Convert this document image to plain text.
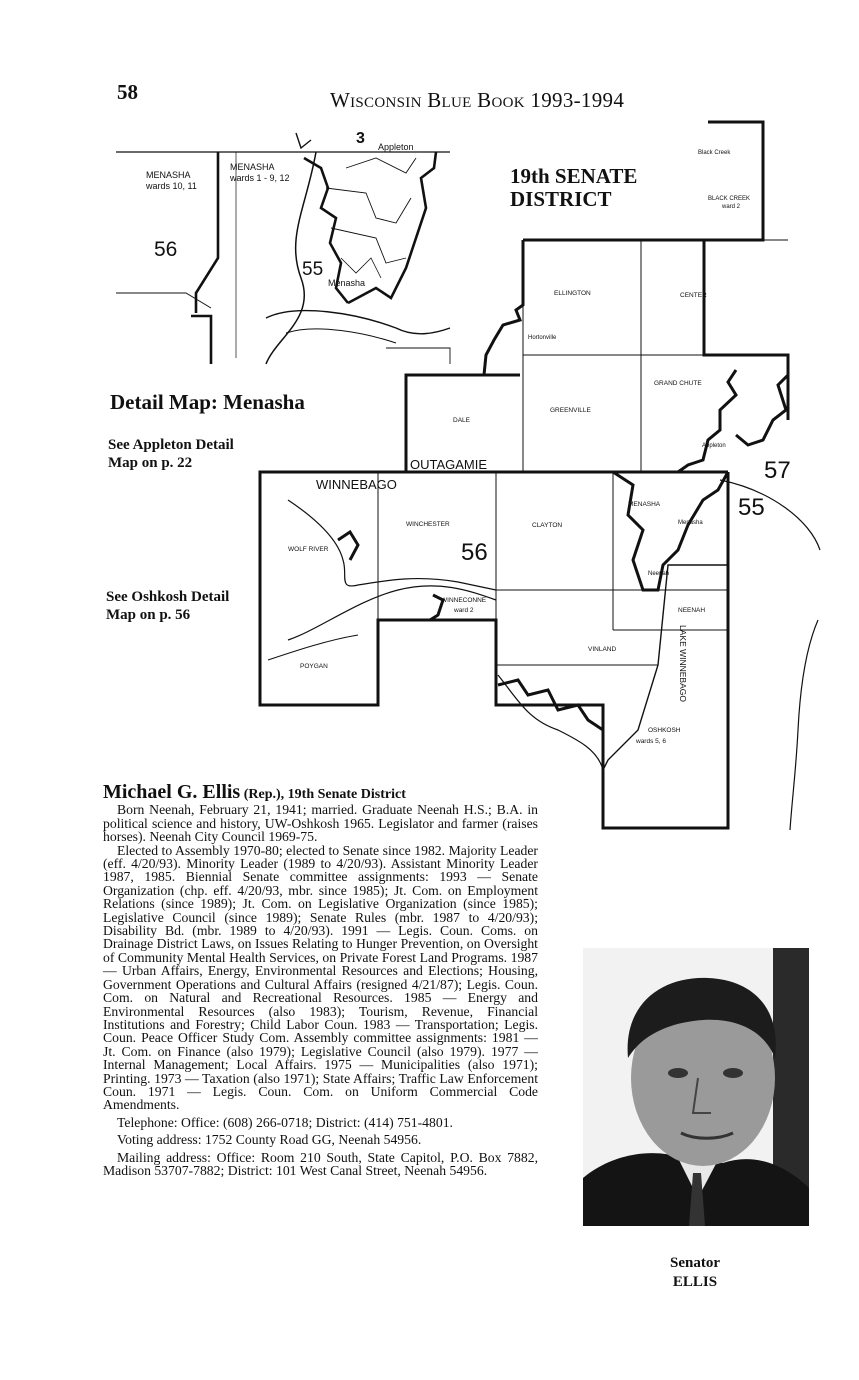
58	Wisconsin Blue Book 1993-1994
3 Appleton
MENASHA
wards 10, 11
MENASHA
wards 1 - 9, 12
56
55
Menasha
Black Creek
BLACK CREEK
ward 2
ELLINGTON	CENTER
Hortonville
GRAND CHUTE
DALE
GREENVILLE
Appleton
OUTAGAMIE
WINNEBAGO
57
55
56
WINCHESTER	CLAYTON
MENASHA
Menasha
WOLF RIVER
Neenah
NEENAH
WINNECONNE
ward 2
POYGAN
VINLAND	LAKE WINNEBAGO
OSHKOSH
wards 5, 6
19th SENATE
DISTRICT
Detail Map: Menasha
See Appleton Detail
Map on p. 22
See Oshkosh Detail
Map on p. 56
Michael G. Ellis (Rep.), 19th Senate District

Born Neenah, February 21, 1941; married. Graduate Neenah H.S.; B.A. in political science and history, UW-Oshkosh 1965. Legislator and farmer (raises horses). Neenah City Council 1969-75.

Elected to Assembly 1970-80; elected to Senate since 1982. Majority Leader (eff. 4/20/93). Minority Leader (1989 to 4/20/93). Assistant Minority Leader 1987, 1985. Biennial Senate committee assignments: 1993 — Senate Organization (chp. eff. 4/20/93, mbr. since 1985); Jt. Com. on Employment Relations (since 1989); Jt. Com. on Legislative Organization (since 1985); Legislative Council (since 1989); Senate Rules (mbr. 1987 to 4/20/93); Disability Bd. (mbr. 1989 to 4/20/93). 1991 — Legis. Coun. Coms. on Drainage District Laws, on Issues Relating to Hunger Prevention, on Oversight of Community Mental Health Services, on Private Forest Land Programs. 1987 — Urban Affairs, Energy, Environmental Resources and Elections; Housing, Government Operations and Cultural Affairs (resigned 4/21/87); Legis. Coun. Com. on Natural and Recreational Resources. 1985 — Energy and Environmental Resources (also 1983); Tourism, Revenue, Financial Institutions and Forestry; Child Labor Coun. 1983 — Transportation; Legis. Coun. Peace Officer Study Com. Assembly committee assignments: 1981 — Jt. Com. on Finance (also 1979); Legislative Council (also 1979). 1977 — Internal Management; Local Affairs. 1975 — Municipalities (also 1971); Printing. 1973 — Taxation (also 1971); State Affairs; Traffic Law Enforcement Coun. 1971 — Legis. Coun. Com. on Uniform Commercial Code Amendments.

Telephone: Office: (608) 266-0718; District: (414) 751-4801.

Voting address: 1752 County Road GG, Neenah 54956.

Mailing address: Office: Room 210 South, State Capitol, P.O. Box 7882, Madison 53707-7882; District: 101 West Canal Street, Neenah 54956.

Senator
ELLIS
